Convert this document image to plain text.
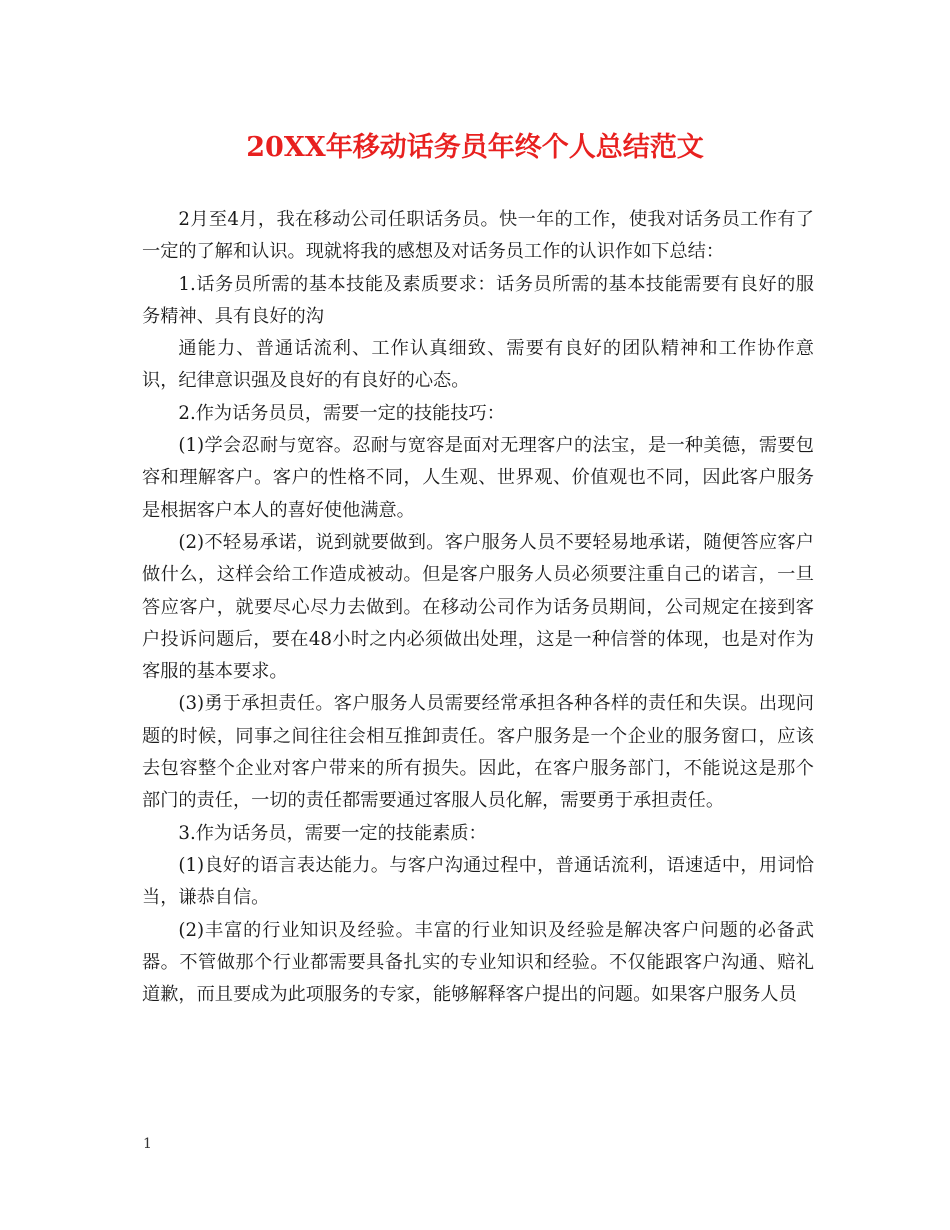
20XX年移动话务员年终个人总结范文

2月至4月，我在移动公司任职话务员。快一年的工作，使我对话务员工作有了一定的了解和认识。现就将我的感想及对话务员工作的认识作如下总结：

1.话务员所需的基本技能及素质要求：话务员所需的基本技能需要有良好的服务精神、具有良好的沟

通能力、普通话流利、工作认真细致、需要有良好的团队精神和工作协作意识，纪律意识强及良好的有良好的心态。

2.作为话务员员，需要一定的技能技巧：

(1)学会忍耐与宽容。忍耐与宽容是面对无理客户的法宝，是一种美德，需要包容和理解客户。客户的性格不同，人生观、世界观、价值观也不同，因此客户服务是根据客户本人的喜好使他满意。

(2)不轻易承诺，说到就要做到。客户服务人员不要轻易地承诺，随便答应客户做什么，这样会给工作造成被动。但是客户服务人员必须要注重自己的诺言，一旦答应客户，就要尽心尽力去做到。在移动公司作为话务员期间，公司规定在接到客户投诉问题后，要在48小时之内必须做出处理，这是一种信誉的体现，也是对作为客服的基本要求。

(3)勇于承担责任。客户服务人员需要经常承担各种各样的责任和失误。出现问题的时候，同事之间往往会相互推卸责任。客户服务是一个企业的服务窗口，应该去包容整个企业对客户带来的所有损失。因此，在客户服务部门，不能说这是那个部门的责任，一切的责任都需要通过客服人员化解，需要勇于承担责任。

3.作为话务员，需要一定的技能素质：

(1)良好的语言表达能力。与客户沟通过程中，普通话流利，语速适中，用词恰当，谦恭自信。

(2)丰富的行业知识及经验。丰富的行业知识及经验是解决客户问题的必备武器。不管做那个行业都需要具备扎实的专业知识和经验。不仅能跟客户沟通、赔礼道歉，而且要成为此项服务的专家，能够解释客户提出的问题。如果客户服务人员

1
